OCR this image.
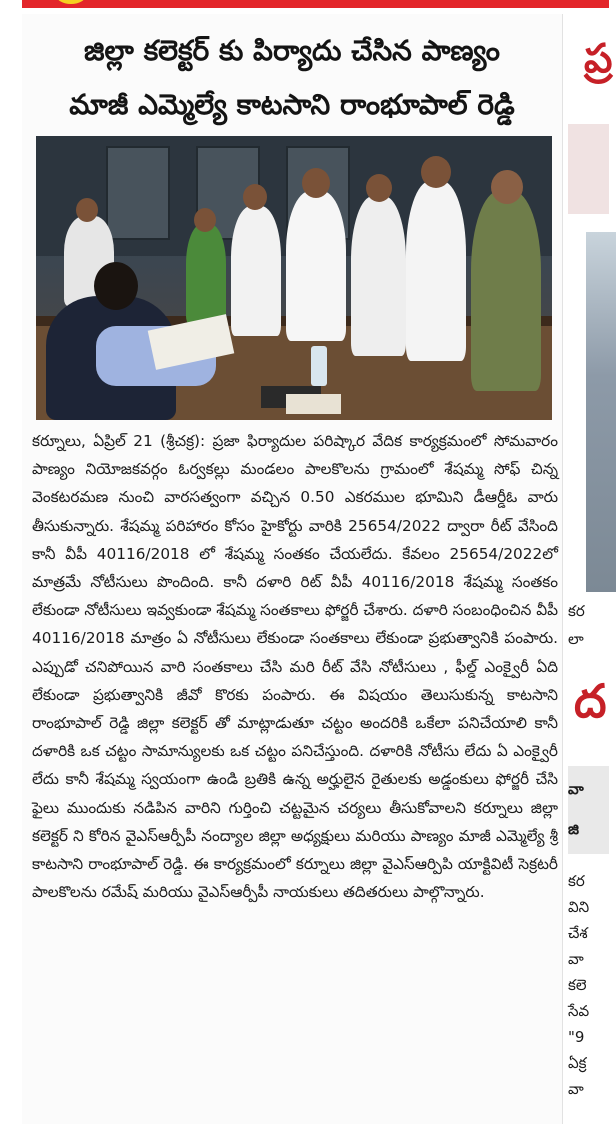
జిల్లా కలెక్టర్ కు పిర్యాదు చేసిన పాణ్యం
మాజీ ఎమ్మెల్యే కాటసాని రాంభూపాల్ రెడ్డి

కర్నూలు, ఏప్రిల్ 21 (శ్రీచక్ర): ప్రజా ఫిర్యాదుల పరిష్కార వేదిక కార్యక్రమంలో సోమవారం పాణ్యం నియోజకవర్గం ఓర్వకల్లు మండలం పాలకొలను గ్రామంలో శేషమ్మ సోఫ్ చిన్న వెంకటరమణ నుంచి వారసత్వంగా వచ్చిన 0.50 ఎకరముల భూమిని డీఆర్డీఓ వారు తీసుకున్నారు. శేషమ్మ పరిహారం కోసం హైకోర్టు వారికి 25654/2022 ద్వారా రీట్ వేసింది కానీ వీపీ 40116/2018 లో శేషమ్మ సంతకం చేయలేదు. కేవలం 25654/2022లో మాత్రమే నోటీసులు పొందింది. కానీ దళారి రిట్ వీపీ 40116/2018 శేషమ్మ సంతకం లేకుండా నోటీసులు ఇవ్వకుండా శేషమ్మ సంతకాలు ఫోర్జరీ చేశారు. దళారి సంబంధించిన వీపీ 40116/2018 మాత్రం ఏ నోటీసులు లేకుండా సంతకాలు లేకుండా ప్రభుత్వానికి పంపారు. ఎప్పుడో చనిపోయిన వారి సంతకాలు చేసి మరి రీట్ వేసి నోటీసులు , ఫీల్డ్ ఎంక్వైరీ ఏది లేకుండా ప్రభుత్వానికి జీవో కొరకు పంపారు. ఈ విషయం తెలుసుకున్న కాటసాని రాంభూపాల్ రెడ్డి జిల్లా కలెక్టర్ తో మాట్లాడుతూ చట్టం అందరికి ఒకేలా పనిచేయాలి కానీ దళారికి ఒక చట్టం సామాన్యులకు ఒక చట్టం పనిచేస్తుంది. దళారికి నోటీసు లేదు ఏ ఎంక్వైరీ లేదు కానీ శేషమ్మ స్వయంగా ఉండి బ్రతికి ఉన్న అర్హులైన రైతులకు అడ్డంకులు ఫోర్జరీ చేసి ఫైలు ముందుకు నడిపిన వారిని గుర్తించి చట్టమైన చర్యలు తీసుకోవాలని కర్నూలు జిల్లా కలెక్టర్ ని కోరిన వైఎస్ఆర్పీపీ నంద్యాల జిల్లా అధ్యక్షులు మరియు పాణ్యం మాజీ ఎమ్మెల్యే శ్రీ కాటసాని రాంభూపాల్ రెడ్డి. ఈ కార్యక్రమంలో కర్నూలు జిల్లా వైఎస్ఆర్పిపి యాక్టివిటీ సెక్రటరీ పాలకొలను రమేష్ మరియు వైఎస్ఆర్పీపీ నాయకులు తదితరులు పాల్గొన్నారు.

ప్ర
కర
లా
ద
వా
జి
కర
విని
చేశ
వా
కలె
సేవ
"9
ఏక్ర
వా
